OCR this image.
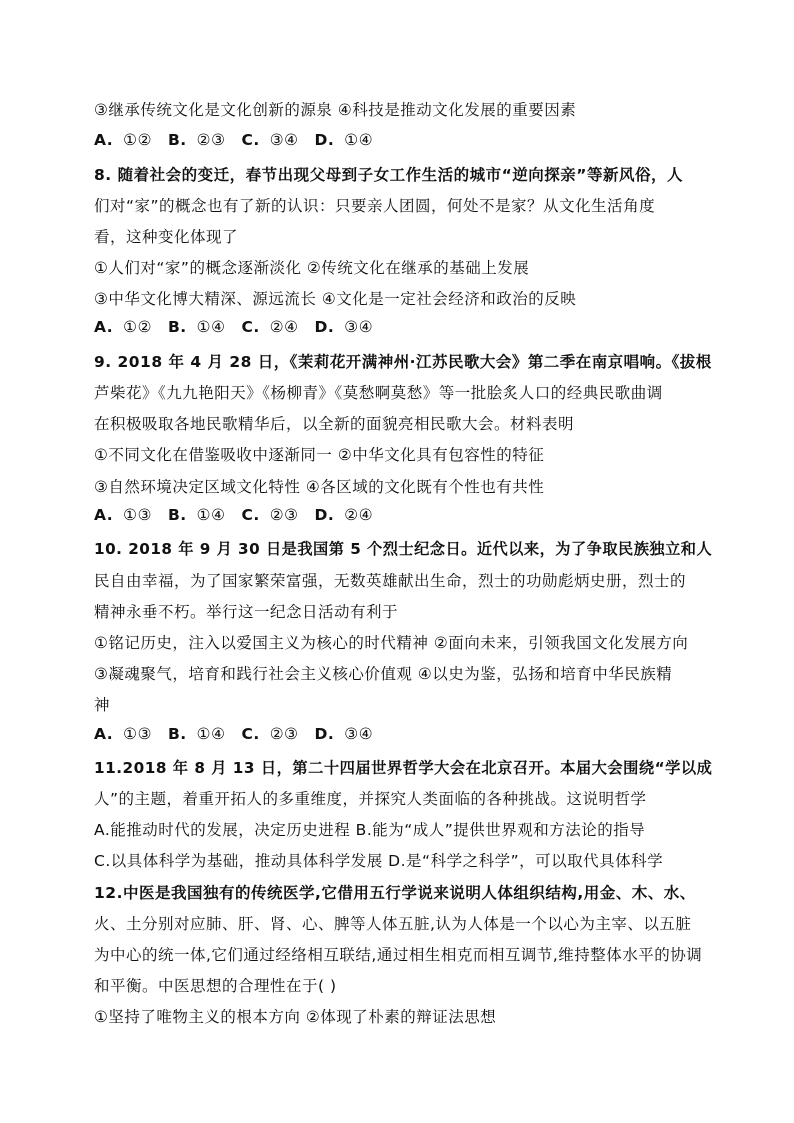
③继承传统文化是文化创新的源泉 ④科技是推动文化发展的重要因素
A. ①② B. ②③ C. ③④ D. ①④
8. 随着社会的变迁，春节出现父母到子女工作生活的城市“逆向探亲”等新风俗，人
们对“家”的概念也有了新的认识：只要亲人团圆，何处不是家？从文化生活角度
看，这种变化体现了
①人们对“家”的概念逐渐淡化 ②传统文化在继承的基础上发展
③中华文化博大精深、源远流长 ④文化是一定社会经济和政治的反映
A. ①② B. ①④ C. ②④ D. ③④
9. 2018 年 4 月 28 日，《茉莉花开满神州·江苏民歌大会》第二季在南京唱响。《拔根
芦柴花》《九九艳阳天》《杨柳青》《莫愁啊莫愁》等一批脍炙人口的经典民歌曲调
在积极吸取各地民歌精华后，以全新的面貌亮相民歌大会。材料表明
①不同文化在借鉴吸收中逐渐同一 ②中华文化具有包容性的特征
③自然环境决定区域文化特性 ④各区域的文化既有个性也有共性
A. ①③ B. ①④ C. ②③ D. ②④
10. 2018 年 9 月 30 日是我国第 5 个烈士纪念日。近代以来，为了争取民族独立和人
民自由幸福，为了国家繁荣富强，无数英雄献出生命，烈士的功勋彪炳史册，烈士的
精神永垂不朽。举行这一纪念日活动有利于
①铭记历史，注入以爱国主义为核心的时代精神 ②面向未来，引领我国文化发展方向
③凝魂聚气，培育和践行社会主义核心价值观 ④以史为鉴，弘扬和培育中华民族精
神
A. ①③ B. ①④ C. ②③ D. ③④
11.2018 年 8 月 13 日，第二十四届世界哲学大会在北京召开。本届大会围绕“学以成
人”的主题，着重开拓人的多重维度，并探究人类面临的各种挑战。这说明哲学
A.能推动时代的发展，决定历史进程 B.能为“成人”提供世界观和方法论的指导
C.以具体科学为基础，推动具体科学发展 D.是“科学之科学”，可以取代具体科学
12.中医是我国独有的传统医学,它借用五行学说来说明人体组织结构,用金、木、水、
火、土分别对应肺、肝、肾、心、脾等人体五脏,认为人体是一个以心为主宰、以五脏
为中心的统一体,它们通过经络相互联结,通过相生相克而相互调节,维持整体水平的协调
和平衡。中医思想的合理性在于( )
①坚持了唯物主义的根本方向 ②体现了朴素的辩证法思想
